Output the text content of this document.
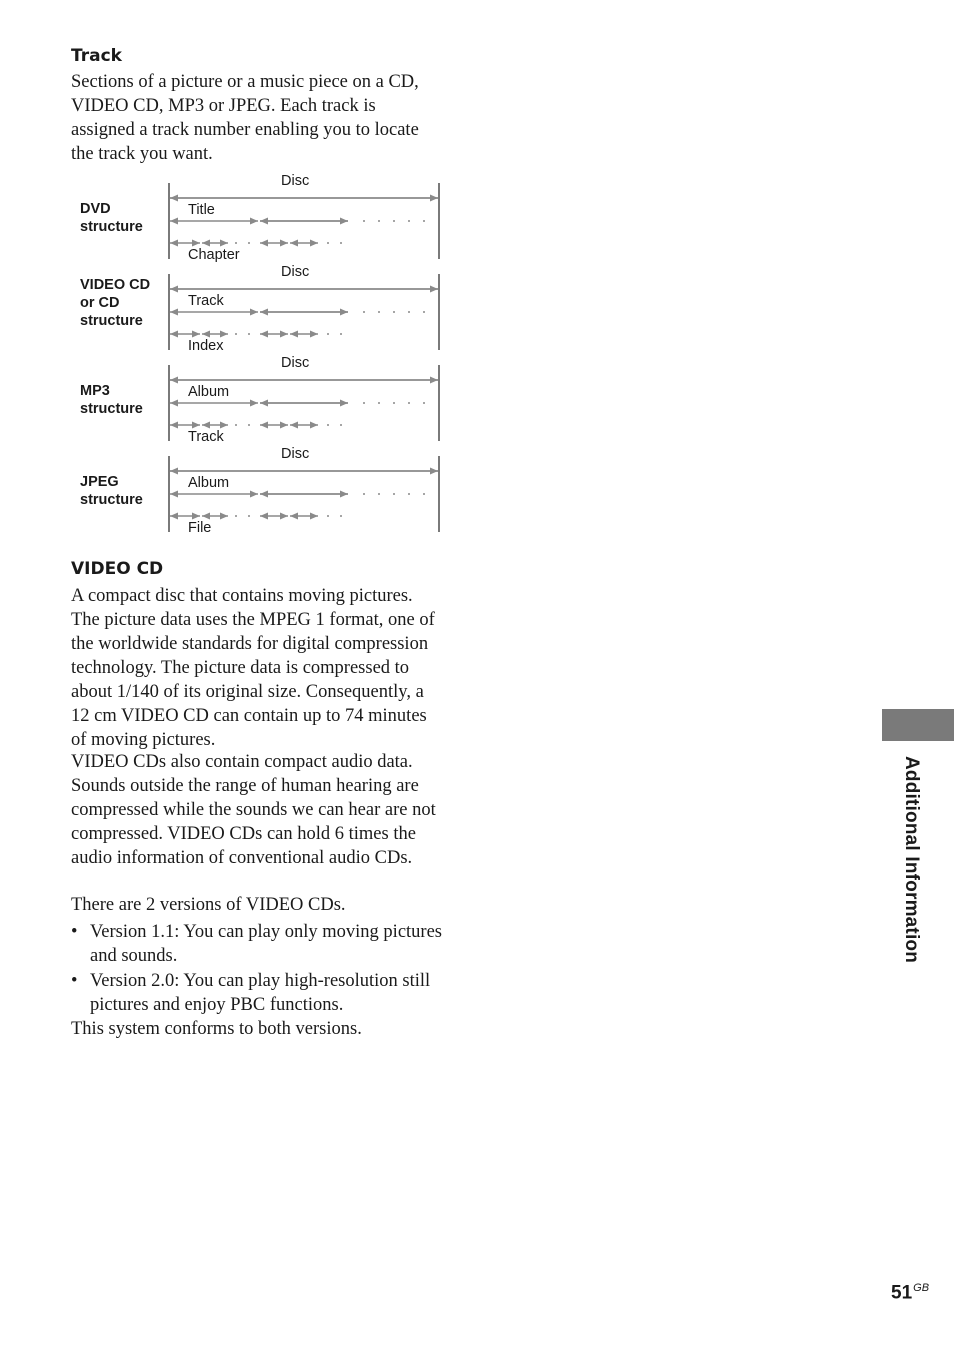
Track

Sections of a picture or a music piece on a CD, VIDEO CD, MP3 or JPEG. Each track is assigned a track number enabling you to locate the track you want.

DVD
structure
Disc
Title
Chapter
VIDEO CD
or CD
structure
Disc
Track
Index
MP3
structure
Disc
Album
Track
JPEG
structure
Disc
Album
File
VIDEO CD

A compact disc that contains moving pictures. The picture data uses the MPEG 1 format, one of the worldwide standards for digital compression technology. The picture data is compressed to about 1/140 of its original size. Consequently, a 12 cm VIDEO CD can contain up to 74 minutes of moving pictures.

VIDEO CDs also contain compact audio data. Sounds outside the range of human hearing are compressed while the sounds we can hear are not compressed. VIDEO CDs can hold 6 times the audio information of conventional audio CDs.

There are 2 versions of VIDEO CDs.

• Version 1.1: You can play only moving pictures and sounds.
• Version 2.0: You can play high-resolution still pictures and enjoy PBC functions.

This system conforms to both versions.

Additional Information
$51^{GB}$
